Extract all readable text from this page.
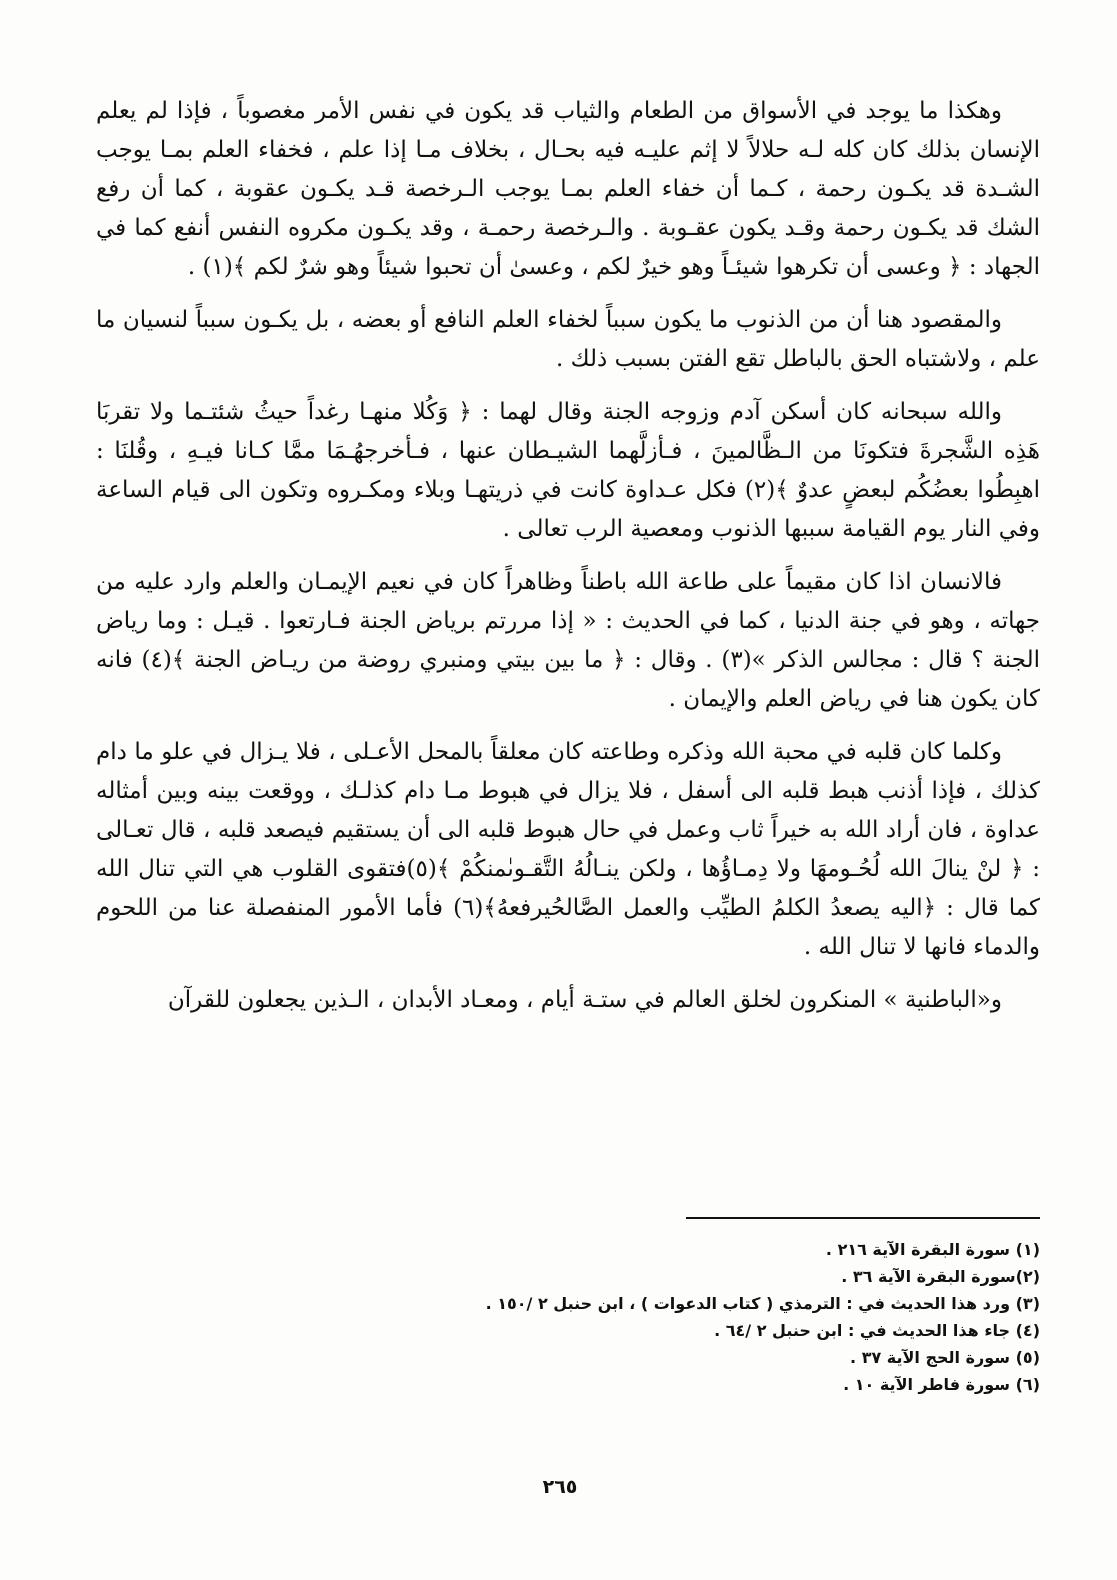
وهكذا ما يوجد في الأسواق من الطعام والثياب قد يكون في نفس الأمر مغصوباً ، فإذا لم يعلم الإنسان بذلك كان كله لـه حلالاً لا إثم عليـه فيه بحـال ، بخلاف مـا إذا علم ، فخفاء العلم بمـا يوجب الشـدة قد يكـون رحمة ، كـما أن خفاء العلم بمـا يوجب الـرخصة قـد يكـون عقوبة ، كما أن رفع الشك قد يكـون رحمة وقـد يكون عقـوبة . والـرخصة رحمـة ، وقد يكـون مكروه النفس أنفع كما في الجهاد : ﴿ وعسى أن تكرهوا شيئـاً وهو خيرٌ لكم ، وعسىٰ أن تحبوا شيئاً وهو شرٌ لكم ﴾(١) .

والمقصود هنا أن من الذنوب ما يكون سبباً لخفاء العلم النافع أو بعضه ، بل يكـون سبباً لنسيان ما علم ، ولاشتباه الحق بالباطل تقع الفتن بسبب ذلك .

والله سبحانه كان أسكن آدم وزوجه الجنة وقال لهما : ﴿ وَكُلا منهـا رغداً حيثُ شئتـما ولا تقربَا هَذِه الشَّجرةَ فتكونَا من الـظَّالمينَ ، فـأزلَّهما الشيـطان عنها ، فـأخرجهُـمَا ممَّا كـانا فيـهِ ، وقُلنَا : اهبِطُوا بعضُكُم لبعضٍ عدوٌ ﴾(٢) فكل عـداوة كانت في ذريتهـا وبلاء ومكـروه وتكون الى قيام الساعة وفي النار يوم القيامة سببها الذنوب ومعصية الرب تعالى .

فالانسان اذا كان مقيماً على طاعة الله باطناً وظاهراً كان في نعيم الإيمـان والعلم وارد عليه من جهاته ، وهو في جنة الدنيا ، كما في الحديث : « إذا مررتم برياض الجنة فـارتعوا . قيـل : وما رياض الجنة ؟ قال : مجالس الذكر »(٣) . وقال : ﴿ ما بين بيتي ومنبري روضة من ريـاض الجنة ﴾(٤) فانه كان يكون هنا في رياض العلم والإيمان .

وكلما كان قلبه في محبة الله وذكره وطاعته كان معلقاً بالمحل الأعـلى ، فلا يـزال في علو ما دام كذلك ، فإذا أذنب هبط قلبه الى أسفل ، فلا يزال في هبوط مـا دام كذلـك ، ووقعت بينه وبين أمثاله عداوة ، فان أراد الله به خيراً ثاب وعمل في حال هبوط قلبه الى أن يستقيم فيصعد قلبه ، قال تعـالى : ﴿ لنْ ينالَ الله لُحُـومهَا ولا دِمـاؤُها ، ولكن ينـالُهُ التَّقـوىٰمنكُمْ ﴾(٥)فتقوى القلوب هي التي تنال الله كما قال : ﴿اليه يصعدُ الكلمُ الطيِّب والعمل الصَّالحُيرفعهُ﴾(٦) فأما الأمور المنفصلة عنا من اللحوم والدماء فانها لا تنال الله .

و«الباطنية » المنكرون لخلق العالم في ستـة أيام ، ومعـاد الأبدان ، الـذين يجعلون للقرآن

(١) سورة البقرة الآية ٢١٦ .
(٢)سورة البقرة الآية ٣٦ .
(٣) ورد هذا الحديث في : الترمذي ( كتاب الدعوات ) ، ابن حنبل ٢ /١٥٠ .
(٤) جاء هذا الحديث في : ابن حنبل ٢ /٦٤ .
(٥) سورة الحج الآية ٣٧ .
(٦) سورة فاطر الآية ١٠ .
٢٦٥
